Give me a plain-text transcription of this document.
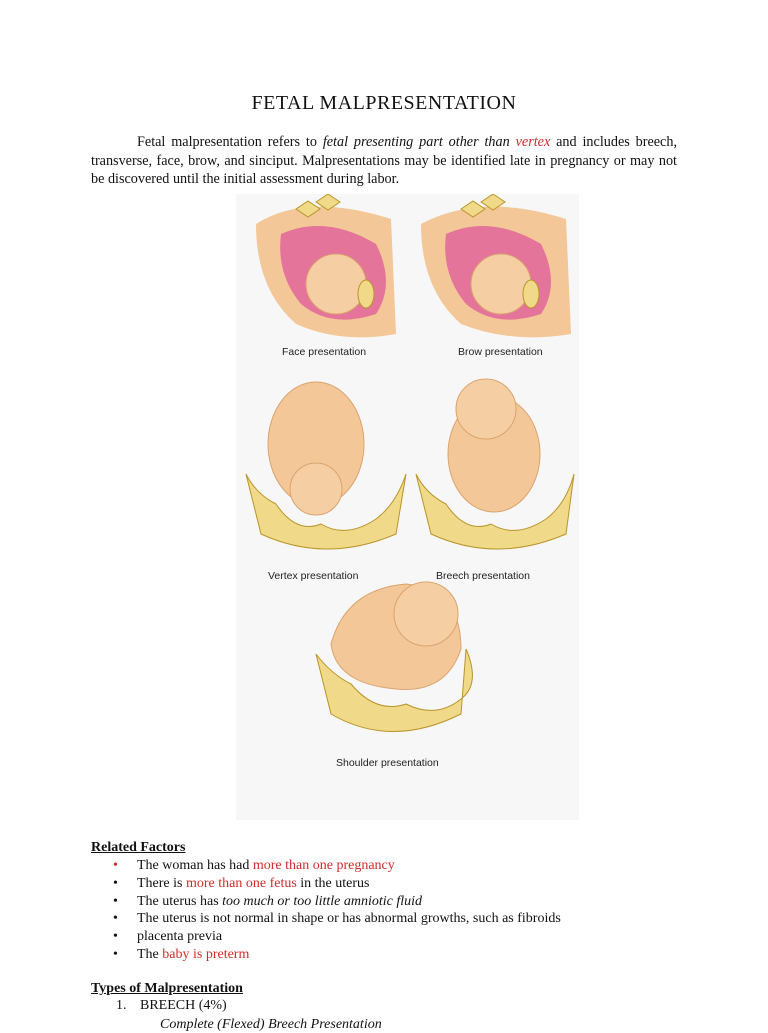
FETAL MALPRESENTATION

Fetal malpresentation refers to fetal presenting part other than vertex and includes breech, transverse, face, brow, and sinciput. Malpresentations may be identified late in pregnancy or may not be discovered until the initial assessment during labor.

Face presentation	Brow presentation
Vertex presentation	Breech presentation
Shoulder presentation
Related Factors
• The woman has had more than one pregnancy
• There is more than one fetus in the uterus
• The uterus has too much or too little amniotic fluid
• The uterus is not normal in shape or has abnormal growths, such as fibroids
• placenta previa
• The baby is preterm
Types of Malpresentation
1. BREECH (4%)
Complete (Flexed) Breech Presentation
